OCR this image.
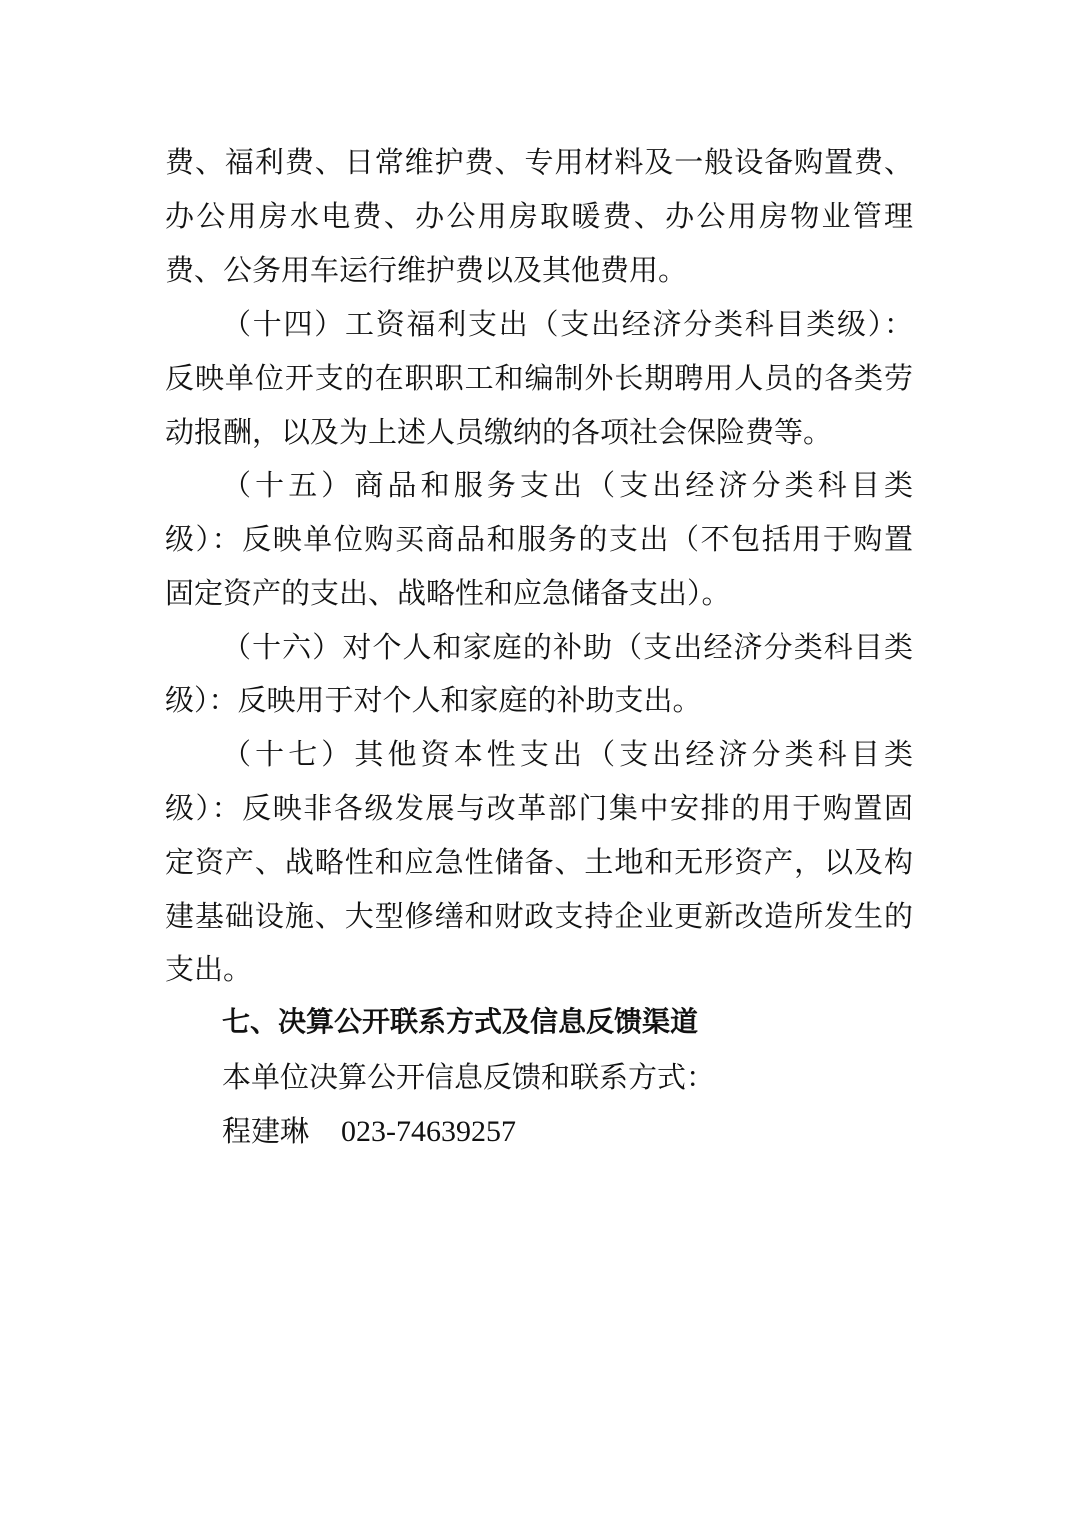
费、福利费、日常维护费、专用材料及一般设备购置费、
办公用房水电费、办公用房取暖费、办公用房物业管理
费、公务用车运行维护费以及其他费用。
（十四）工资福利支出（支出经济分类科目类级）：
反映单位开支的在职职工和编制外长期聘用人员的各类劳
动报酬，以及为上述人员缴纳的各项社会保险费等。
（十五）商品和服务支出（支出经济分类科目类
级）：反映单位购买商品和服务的支出（不包括用于购置
固定资产的支出、战略性和应急储备支出）。
（十六）对个人和家庭的补助（支出经济分类科目类
级）：反映用于对个人和家庭的补助支出。
（十七）其他资本性支出（支出经济分类科目类
级）：反映非各级发展与改革部门集中安排的用于购置固
定资产、战略性和应急性储备、土地和无形资产，以及构
建基础设施、大型修缮和财政支持企业更新改造所发生的
支出。
七、决算公开联系方式及信息反馈渠道
本单位决算公开信息反馈和联系方式：
程建琳 023-74639257
